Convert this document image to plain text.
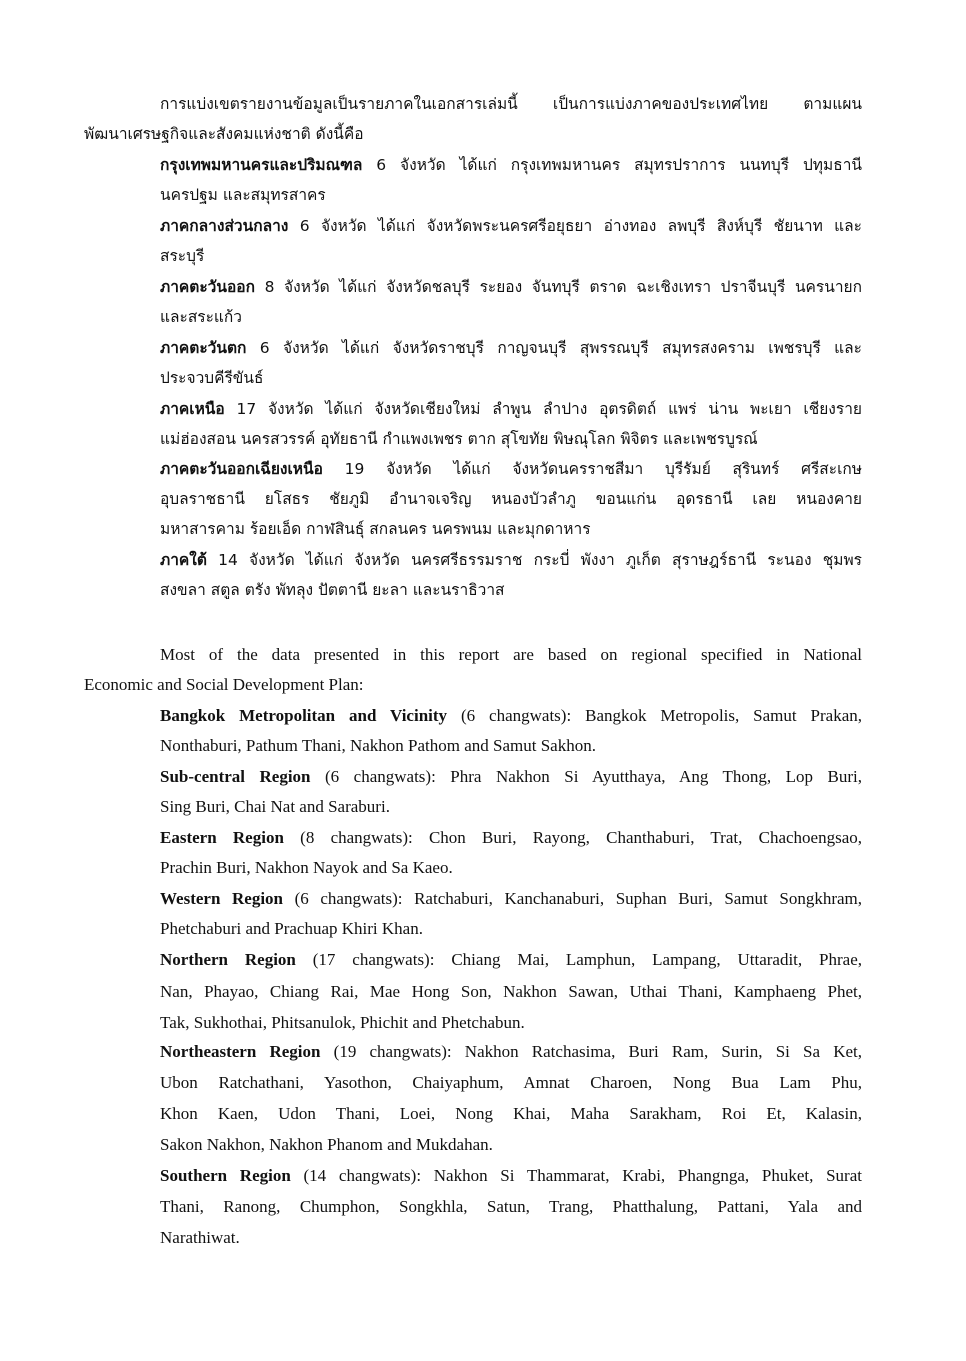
การแบ่งเขตรายงานข้อมูลเป็นรายภาคในเอกสารเล่มนี้ เป็นการแบ่งภาคของประเทศไทย ตามแผน
พัฒนาเศรษฐกิจและสังคมแห่งชาติ ดังนี้คือ
กรุงเทพมหานครและปริมณฑล 6 จังหวัด ได้แก่ กรุงเทพมหานคร สมุทรปราการ นนทบุรี ปทุมธานี
นครปฐม และสมุทรสาคร
ภาคกลางส่วนกลาง 6 จังหวัด ได้แก่ จังหวัดพระนครศรีอยุธยา อ่างทอง ลพบุรี สิงห์บุรี ชัยนาท และ
สระบุรี
ภาคตะวันออก 8 จังหวัด ได้แก่ จังหวัดชลบุรี ระยอง จันทบุรี ตราด ฉะเชิงเทรา ปราจีนบุรี นครนายก
และสระแก้ว
ภาคตะวันตก 6 จังหวัด ได้แก่ จังหวัดราชบุรี กาญจนบุรี สุพรรณบุรี สมุทรสงคราม เพชรบุรี และ
ประจวบคีรีขันธ์
ภาคเหนือ 17 จังหวัด ได้แก่ จังหวัดเชียงใหม่ ลำพูน ลำปาง อุตรดิตถ์ แพร่ น่าน พะเยา เชียงราย
แม่ฮ่องสอน นครสวรรค์ อุทัยธานี กำแพงเพชร ตาก สุโขทัย พิษณุโลก พิจิตร และเพชรบูรณ์
ภาคตะวันออกเฉียงเหนือ 19 จังหวัด ได้แก่ จังหวัดนครราชสีมา บุรีรัมย์ สุรินทร์ ศรีสะเกษ
อุบลราชธานี ยโสธร ชัยภูมิ อำนาจเจริญ หนองบัวลำภู ขอนแก่น อุดรธานี เลย หนองคาย
มหาสารคาม ร้อยเอ็ด กาฬสินธุ์ สกลนคร นครพนม และมุกดาหาร
ภาคใต้ 14 จังหวัด ได้แก่ จังหวัด นครศรีธรรมราช กระบี่ พังงา ภูเก็ต สุราษฎร์ธานี ระนอง ชุมพร
สงขลา สตูล ตรัง พัทลุง ปัตตานี ยะลา และนราธิวาส
Most of the data presented in this report are based on regional specified in National
Economic and Social Development Plan:
Bangkok Metropolitan and Vicinity (6 changwats): Bangkok Metropolis, Samut Prakan,
Nonthaburi, Pathum Thani, Nakhon Pathom and Samut Sakhon.
Sub-central Region (6 changwats): Phra Nakhon Si Ayutthaya, Ang Thong, Lop Buri,
Sing Buri, Chai Nat and Saraburi.
Eastern Region (8 changwats): Chon Buri, Rayong, Chanthaburi, Trat, Chachoengsao,
Prachin Buri, Nakhon Nayok and Sa Kaeo.
Western Region (6 changwats): Ratchaburi, Kanchanaburi, Suphan Buri, Samut Songkhram,
Phetchaburi and Prachuap Khiri Khan.
Northern Region (17 changwats): Chiang Mai, Lamphun, Lampang, Uttaradit, Phrae,
Nan, Phayao, Chiang Rai, Mae Hong Son, Nakhon Sawan, Uthai Thani, Kamphaeng Phet,
Tak, Sukhothai, Phitsanulok, Phichit and Phetchabun.
Northeastern Region (19 changwats): Nakhon Ratchasima, Buri Ram, Surin, Si Sa Ket,
Ubon Ratchathani, Yasothon, Chaiyaphum, Amnat Charoen, Nong Bua Lam Phu,
Khon Kaen, Udon Thani, Loei, Nong Khai, Maha Sarakham, Roi Et, Kalasin,
Sakon Nakhon, Nakhon Phanom and Mukdahan.
Southern Region (14 changwats): Nakhon Si Thammarat, Krabi, Phangnga, Phuket, Surat
Thani, Ranong, Chumphon, Songkhla, Satun, Trang, Phatthalung, Pattani, Yala and
Narathiwat.
